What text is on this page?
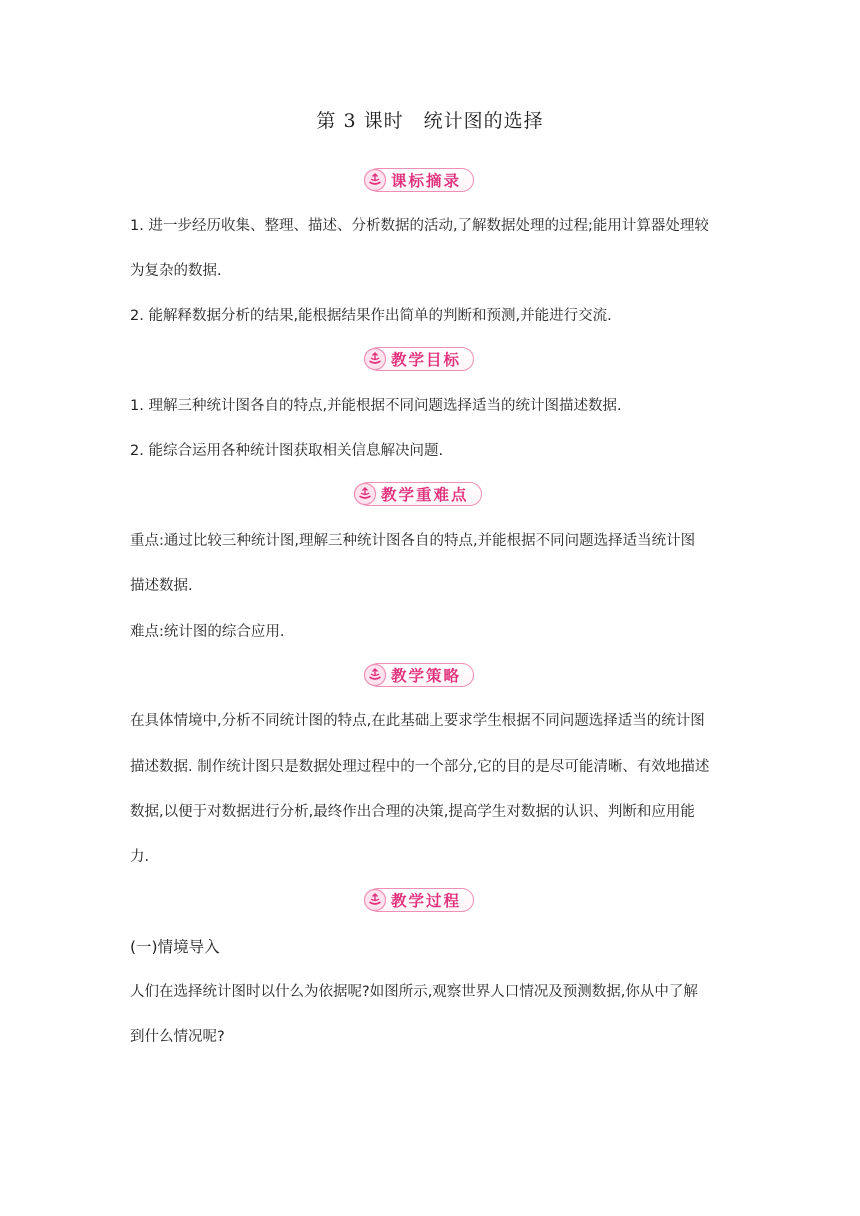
第 3 课时　统计图的选择
课标摘录
1. 进一步经历收集、整理、描述、分析数据的活动,了解数据处理的过程;能用计算器处理较
为复杂的数据.
2. 能解释数据分析的结果,能根据结果作出简单的判断和预测,并能进行交流.
教学目标
1. 理解三种统计图各自的特点,并能根据不同问题选择适当的统计图描述数据.
2. 能综合运用各种统计图获取相关信息解决问题.
教学重难点
重点:通过比较三种统计图,理解三种统计图各自的特点,并能根据不同问题选择适当统计图
描述数据.
难点:统计图的综合应用.
教学策略
在具体情境中,分析不同统计图的特点,在此基础上要求学生根据不同问题选择适当的统计图
描述数据. 制作统计图只是数据处理过程中的一个部分,它的目的是尽可能清晰、有效地描述
数据,以便于对数据进行分析,最终作出合理的决策,提高学生对数据的认识、判断和应用能
力.
教学过程
(一)情境导入
人们在选择统计图时以什么为依据呢?如图所示,观察世界人口情况及预测数据,你从中了解
到什么情况呢?
